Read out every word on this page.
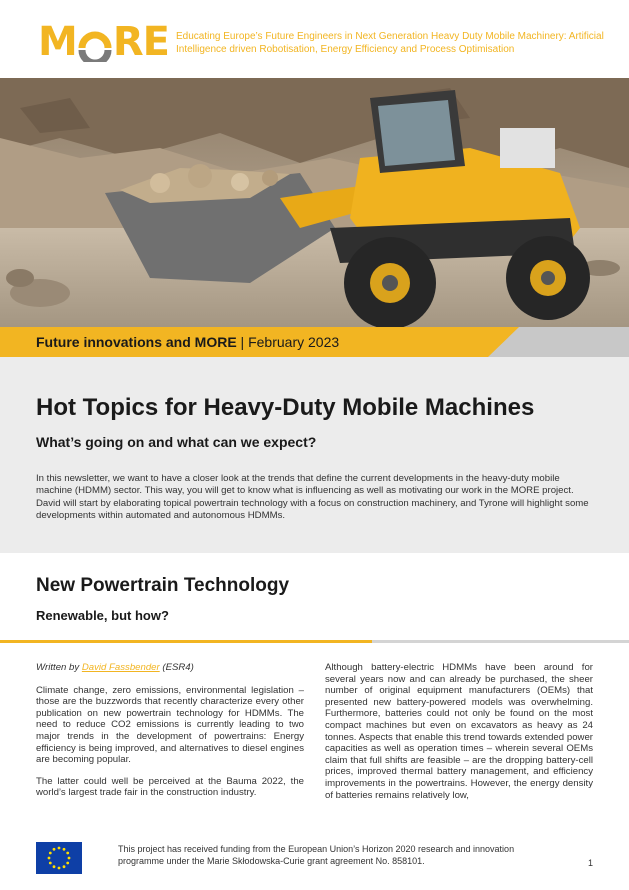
M RE Educating Europe’s Future Engineers in Next Generation Heavy Duty Mobile Machinery: Artificial Intelligence driven Robotisation, Energy Efficiency and Process Optimisation
Future innovations and MORE | February 2023
Hot Topics for Heavy-Duty Mobile Machines
What’s going on and what can we expect?
In this newsletter, we want to have a closer look at the trends that define the current developments in the heavy-duty mobile machine (HDMM) sector. This way, you will get to know what is influencing as well as motivating our work in the MORE project. David will start by elaborating topical powertrain technology with a focus on construction machinery, and Tyrone will highlight some developments within automated and autonomous HDMMs.
New Powertrain Technology
Renewable, but how?
Written by David Fassbender (ESR4)

Climate change, zero emissions, environmental legislation – those are the buzzwords that recently characterize every other publication on new powertrain technology for HDMMs. The need to reduce CO2 emissions is currently leading to two major trends in the development of powertrains: Energy efficiency is being improved, and alternatives to diesel engines are becoming popular.

The latter could well be perceived at the Bauma 2022, the world’s largest trade fair in the construction industry.

Although battery-electric HDMMs have been around for several years now and can already be purchased, the sheer number of original equipment manufacturers (OEMs) that presented new battery-powered models was overwhelming. Furthermore, batteries could not only be found on the most compact machines but even on excavators as heavy as 24 tonnes. Aspects that enable this trend towards extended power capacities as well as operation times – wherein several OEMs claim that full shifts are feasible – are the dropping battery-cell prices, improved thermal battery management, and efficiency improvements in the powertrains. However, the energy density of batteries remains relatively low,

This project has received funding from the European Union’s Horizon 2020 research and innovation programme under the Marie Skłodowska-Curie grant agreement No. 858101.	1
